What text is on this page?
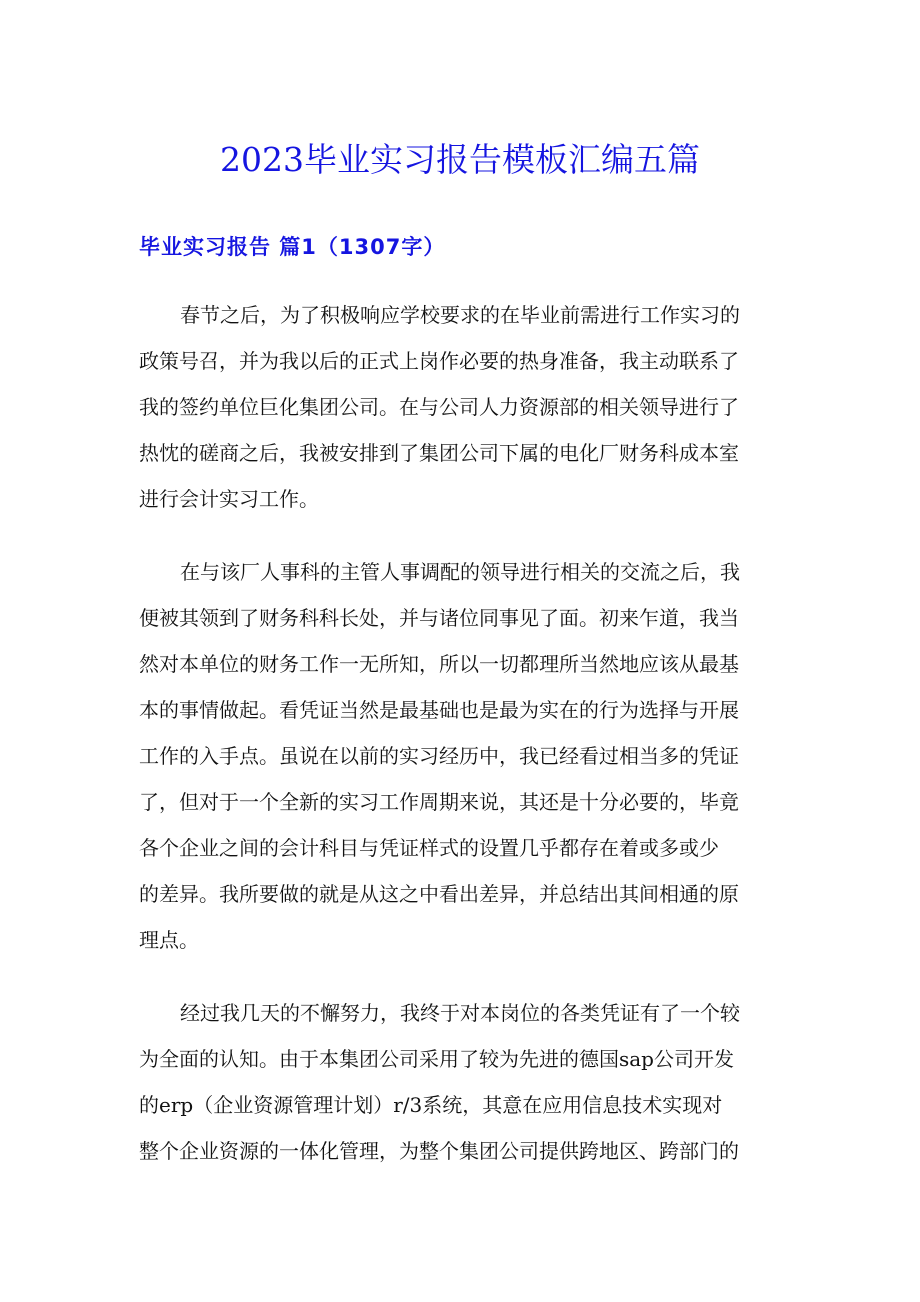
2023毕业实习报告模板汇编五篇
毕业实习报告 篇1（1307字）

春节之后，为了积极响应学校要求的在毕业前需进行工作实习的
政策号召，并为我以后的正式上岗作必要的热身准备，我主动联系了
我的签约单位巨化集团公司。在与公司人力资源部的相关领导进行了
热忱的磋商之后，我被安排到了集团公司下属的电化厂财务科成本室
进行会计实习工作。

在与该厂人事科的主管人事调配的领导进行相关的交流之后，我
便被其领到了财务科科长处，并与诸位同事见了面。初来乍道，我当
然对本单位的财务工作一无所知，所以一切都理所当然地应该从最基
本的事情做起。看凭证当然是最基础也是最为实在的行为选择与开展
工作的入手点。虽说在以前的实习经历中，我已经看过相当多的凭证
了，但对于一个全新的实习工作周期来说，其还是十分必要的，毕竟
各个企业之间的会计科目与凭证样式的设置几乎都存在着或多或少
的差异。我所要做的就是从这之中看出差异，并总结出其间相通的原
理点。

经过我几天的不懈努力，我终于对本岗位的各类凭证有了一个较
为全面的认知。由于本集团公司采用了较为先进的德国sap公司开发
的erp（企业资源管理计划）r/3系统，其意在应用信息技术实现对
整个企业资源的一体化管理，为整个集团公司提供跨地区、跨部门的
